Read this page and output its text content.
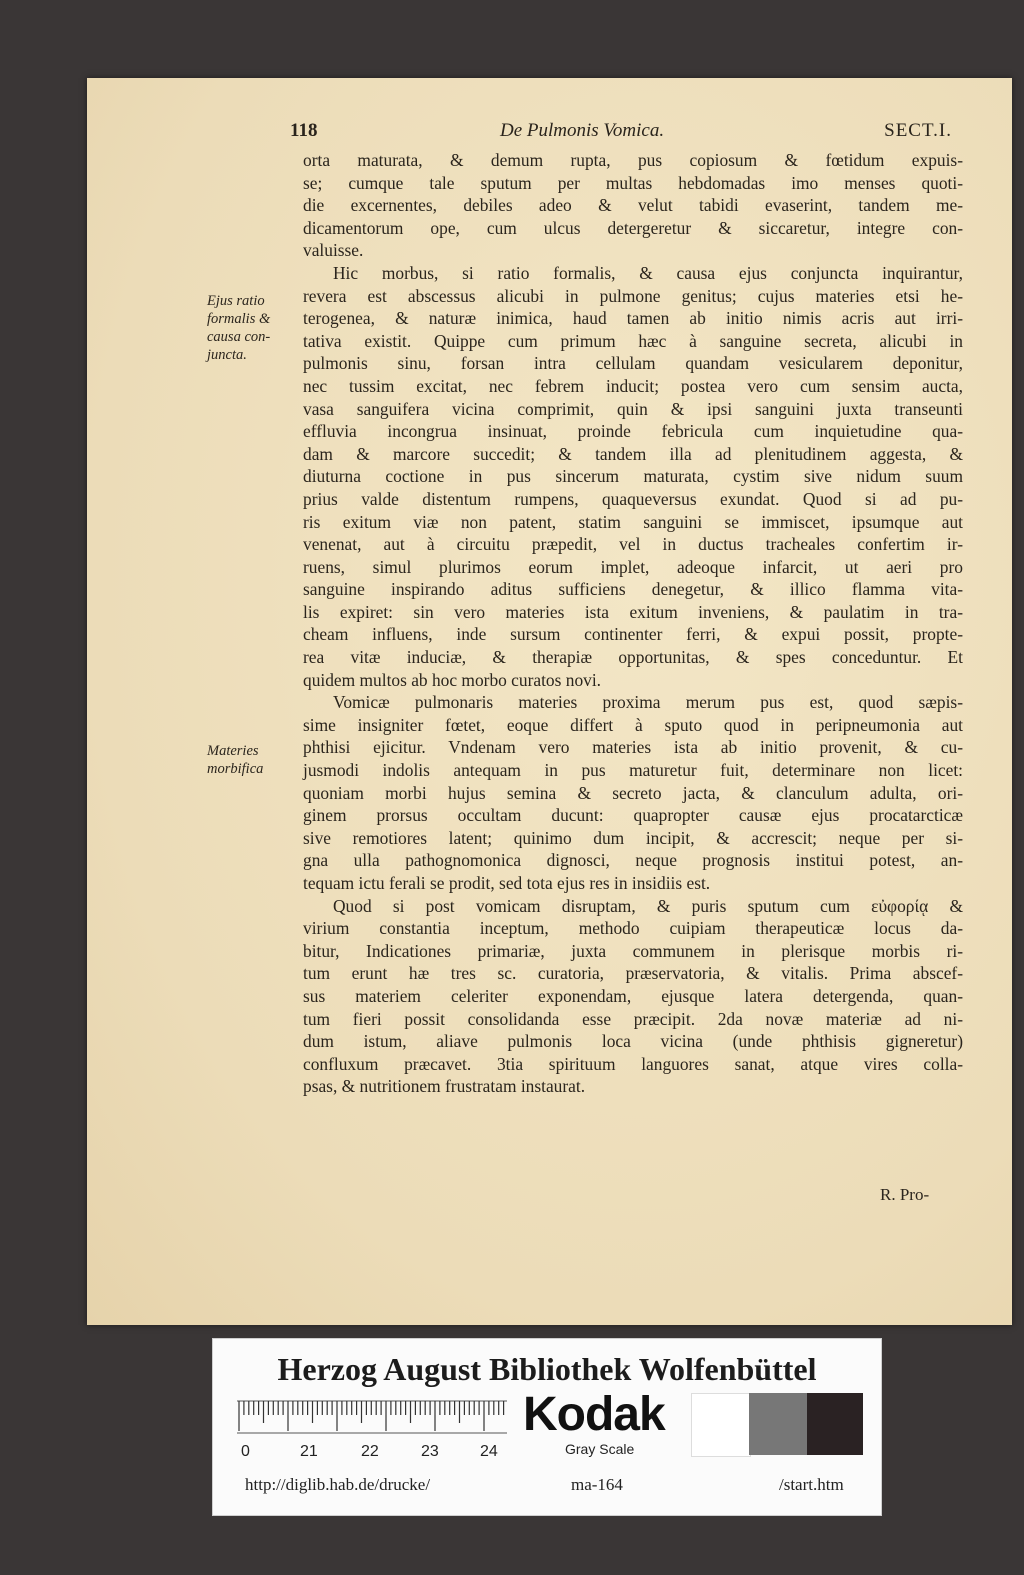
118	De Pulmonis Vomica.	SECT.I.
Ejus ratio formalis & causa con-juncta.
Materies morbifica
orta maturata, & demum rupta, pus copiosum & fœtidum expuis-
se; cumque tale sputum per multas hebdomadas imo menses quoti-
die excernentes, debiles adeo & velut tabidi evaserint, tandem me-
dicamentorum ope, cum ulcus detergeretur & siccaretur, integre con-
valuisse.
Hic morbus, si ratio formalis, & causa ejus conjuncta inquirantur,
revera est abscessus alicubi in pulmone genitus; cujus materies etsi he-
terogenea, & naturæ inimica, haud tamen ab initio nimis acris aut irri-
tativa existit. Quippe cum primum hæc à sanguine secreta, alicubi in
pulmonis sinu, forsan intra cellulam quandam vesicularem deponitur,
nec tussim excitat, nec febrem inducit; postea vero cum sensim aucta,
vasa sanguifera vicina comprimit, quin & ipsi sanguini juxta transeunti
effluvia incongrua insinuat, proinde febricula cum inquietudine qua-
dam & marcore succedit; & tandem illa ad plenitudinem aggesta, &
diuturna coctione in pus sincerum maturata, cystim sive nidum suum
prius valde distentum rumpens, quaqueversus exundat. Quod si ad pu-
ris exitum viæ non patent, statim sanguini se immiscet, ipsumque aut
venenat, aut à circuitu præpedit, vel in ductus tracheales confertim ir-
ruens, simul plurimos eorum implet, adeoque infarcit, ut aeri pro
sanguine inspirando aditus sufficiens denegetur, & illico flamma vita-
lis expiret: sin vero materies ista exitum inveniens, & paulatim in tra-
cheam influens, inde sursum continenter ferri, & expui possit, propte-
rea vitæ induciæ, & therapiæ opportunitas, & spes conceduntur. Et
quidem multos ab hoc morbo curatos novi.
Vomicæ pulmonaris materies proxima merum pus est, quod sæpis-
sime insigniter fœtet, eoque differt à sputo quod in peripneumonia aut
phthisi ejicitur. Vndenam vero materies ista ab initio provenit, & cu-
jusmodi indolis antequam in pus maturetur fuit, determinare non licet:
quoniam morbi hujus semina & secreto jacta, & clanculum adulta, ori-
ginem prorsus occultam ducunt: quapropter causæ ejus procatarcticæ
sive remotiores latent; quinimo dum incipit, & accrescit; neque per si-
gna ulla pathognomonica dignosci, neque prognosis institui potest, an-
tequam ictu ferali se prodit, sed tota ejus res in insidiis est.
Quod si post vomicam disruptam, & puris sputum cum εὐφορίᾳ &
virium constantia inceptum, methodo cuipiam therapeuticæ locus da-
bitur, Indicationes primariæ, juxta communem in plerisque morbis ri-
tum erunt hæ tres sc. curatoria, præservatoria, & vitalis. Prima abscef-
sus materiem celeriter exponendam, ejusque latera detergenda, quan-
tum fieri possit consolidanda esse præcipit. 2da novæ materiæ ad ni-
dum istum, aliave pulmonis loca vicina (unde phthisis gigneretur)
confluxum præcavet. 3tia spirituum languores sanat, atque vires colla-
psas, & nutritionem frustratam instaurat.
R. Pro-
Herzog August Bibliothek Wolfenbüttel
0	21	22	23	24
Kodak
Gray Scale
http://diglib.hab.de/drucke/	ma-164	/start.htm
